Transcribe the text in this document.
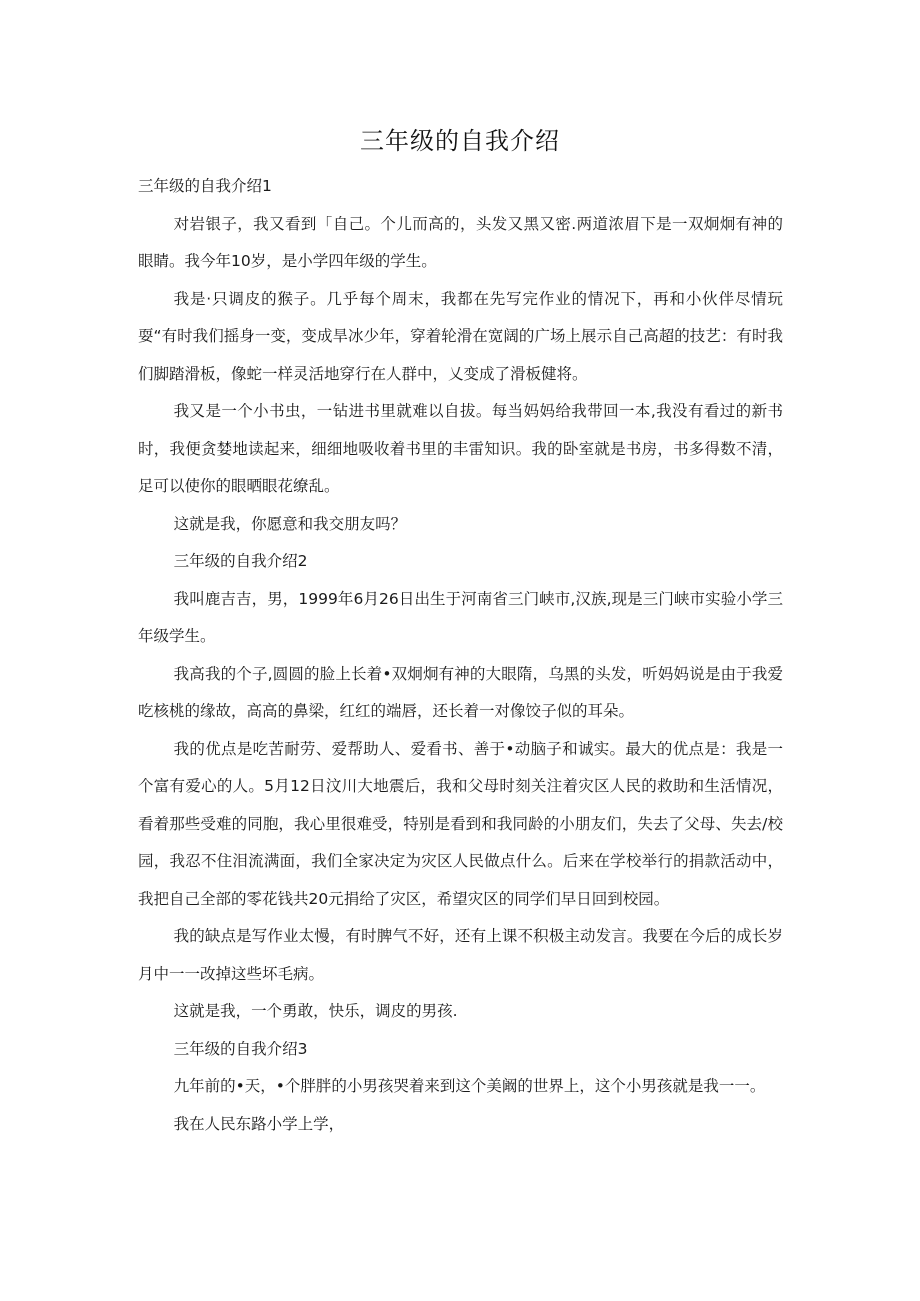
三年级的自我介绍

三年级的自我介绍1

对岩银子，我又看到「自己。个儿而高的，头发又黑又密.两道浓眉下是一双炯炯有神的眼睛。我今年10岁，是小学四年级的学生。

我是·只调皮的猴子。几乎每个周末，我都在先写完作业的情况下，再和小伙伴尽情玩耍“有时我们摇身一变，变成旱冰少年，穿着轮滑在宽阔的广场上展示自己高超的技艺：有时我们脚踏滑板，像蛇一样灵活地穿行在人群中，乂变成了滑板健将。

我又是一个小书虫，一钻进书里就难以自拔。每当妈妈给我带回一本,我没有看过的新书时，我便贪婪地读起来，细细地吸收着书里的丰雷知识。我的卧室就是书房，书多得数不清，足可以使你的眼晒眼花缭乱。

这就是我，你愿意和我交朋友吗？

三年级的自我介绍2

我叫鹿吉吉，男，1999年6月26日出生于河南省三门峡市,汉族,现是三门峡市实验小学三年级学生。

我高我的个子,圆圆的脸上长着•双炯炯有神的大眼隋，乌黑的头发，听妈妈说是由于我爱吃核桃的缘故，高高的鼻梁，红红的端唇，还长着一对像饺子似的耳朵。

我的优点是吃苦耐劳、爱帮助人、爱看书、善于•动脑子和诚实。最大的优点是：我是一个富有爱心的人。5月12日汶川大地震后，我和父母时刻关注着灾区人民的救助和生活情况，看着那些受难的同胞，我心里很难受，特别是看到和我同龄的小朋友们，失去了父母、失去/校园，我忍不住泪流满面，我们全家决定为灾区人民做点什么。后来在学校举行的捐款活动中，我把自己全部的零花钱共20元捐给了灾区，希望灾区的同学们早日回到校园。

我的缺点是写作业太慢，有时脾气不好，还有上课不积极主动发言。我要在今后的成长岁月中一一改掉这些坏毛病。

这就是我，一个勇敢，快乐，调皮的男孩.

三年级的自我介绍3

九年前的•天，•个胖胖的小男孩哭着来到这个美阚的世界上，这个小男孩就是我一一。

我在人民东路小学上学，
